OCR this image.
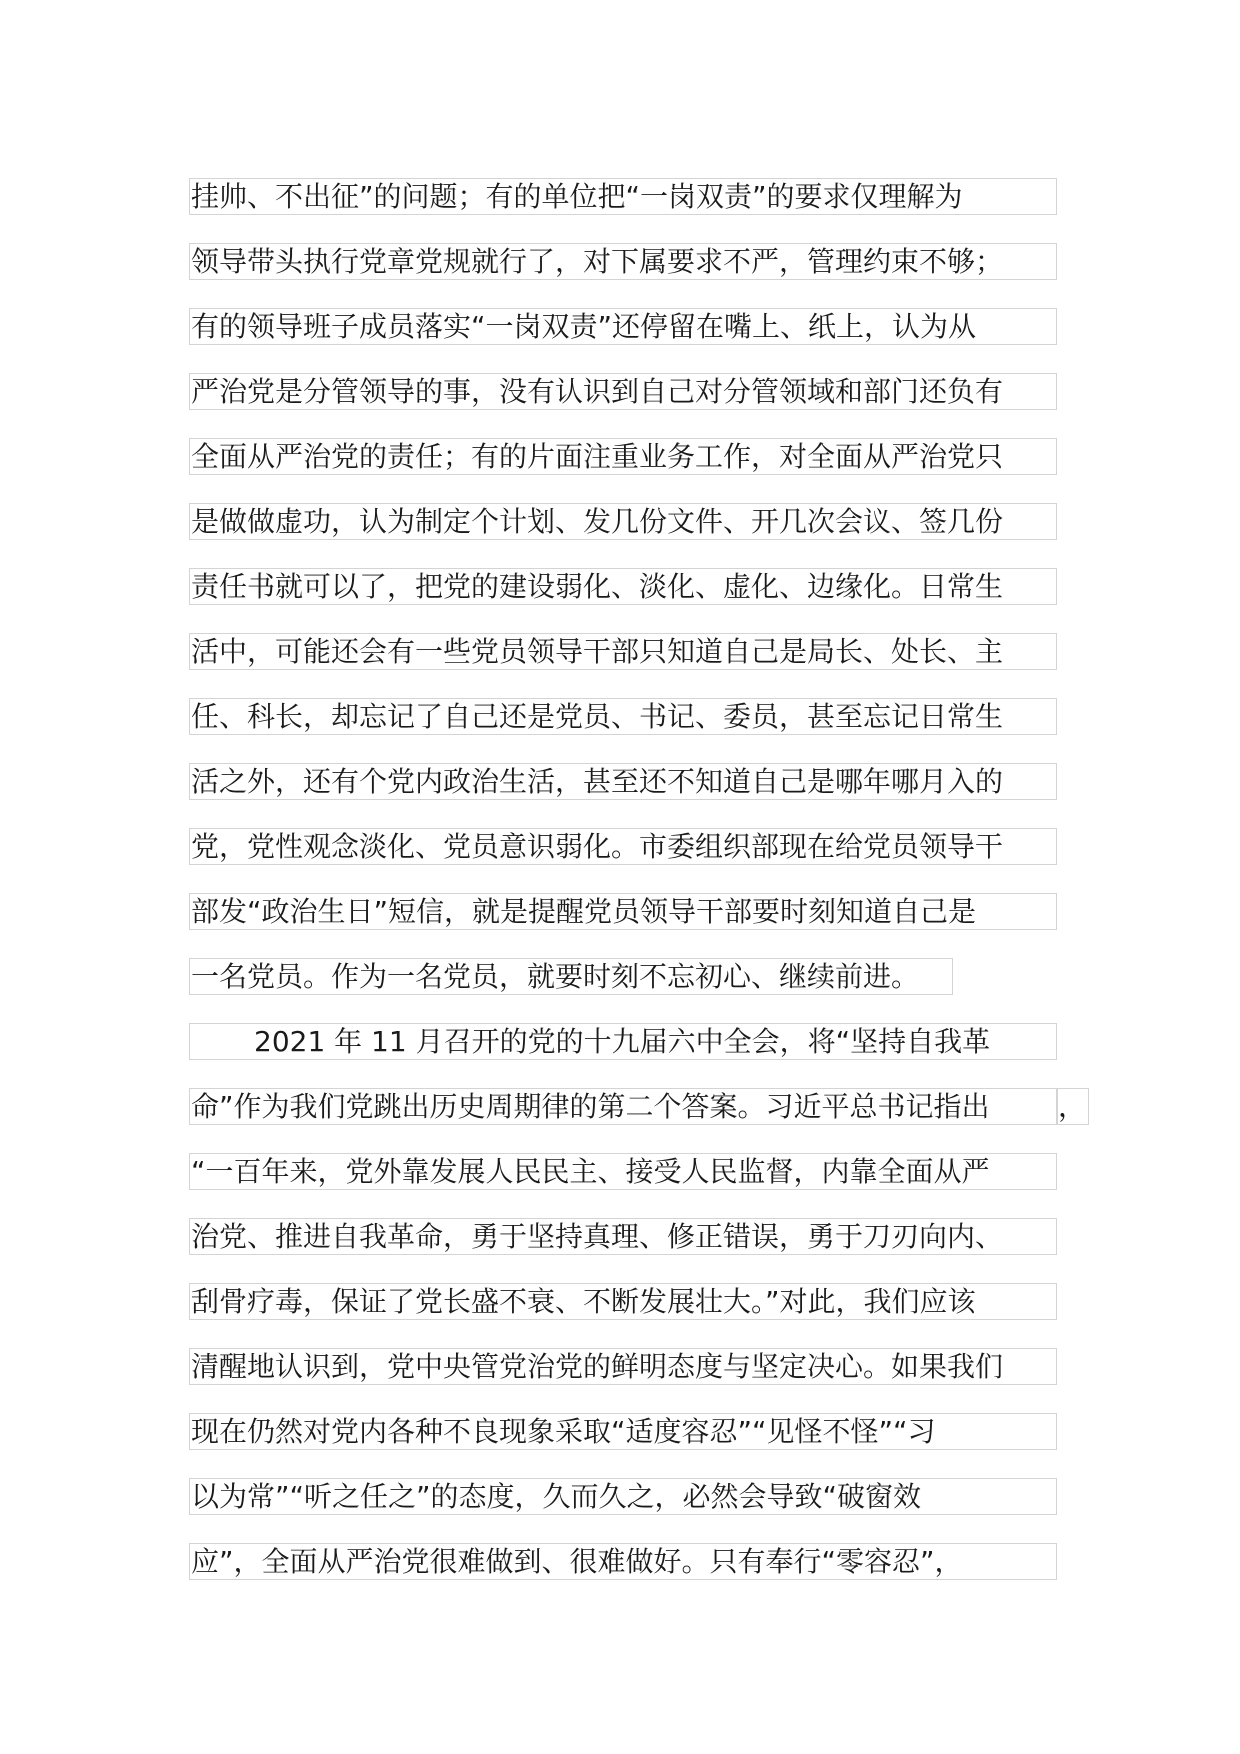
挂帅、不出征”的问题；有的单位把“一岗双责”的要求仅理解为
领导带头执行党章党规就行了，对下属要求不严，管理约束不够；
有的领导班子成员落实“一岗双责”还停留在嘴上、纸上，认为从
严治党是分管领导的事，没有认识到自己对分管领域和部门还负有
全面从严治党的责任；有的片面注重业务工作，对全面从严治党只
是做做虚功，认为制定个计划、发几份文件、开几次会议、签几份
责任书就可以了，把党的建设弱化、淡化、虚化、边缘化。日常生
活中，可能还会有一些党员领导干部只知道自己是局长、处长、主
任、科长，却忘记了自己还是党员、书记、委员，甚至忘记日常生
活之外，还有个党内政治生活，甚至还不知道自己是哪年哪月入的
党，党性观念淡化、党员意识弱化。市委组织部现在给党员领导干
部发“政治生日”短信，就是提醒党员领导干部要时刻知道自己是
一名党员。作为一名党员，就要时刻不忘初心、继续前进。
2021 年 11 月召开的党的十九届六中全会，将“坚持自我革
命”作为我们党跳出历史周期律的第二个答案。习近平总书记指出	，
“一百年来，党外靠发展人民民主、接受人民监督，内靠全面从严
治党、推进自我革命，勇于坚持真理、修正错误，勇于刀刃向内、
刮骨疗毒，保证了党长盛不衰、不断发展壮大。”对此，我们应该
清醒地认识到，党中央管党治党的鲜明态度与坚定决心。如果我们
现在仍然对党内各种不良现象采取“适度容忍”“见怪不怪”“习
以为常”“听之任之”的态度，久而久之，必然会导致“破窗效
应”，全面从严治党很难做到、很难做好。只有奉行“零容忍”，
